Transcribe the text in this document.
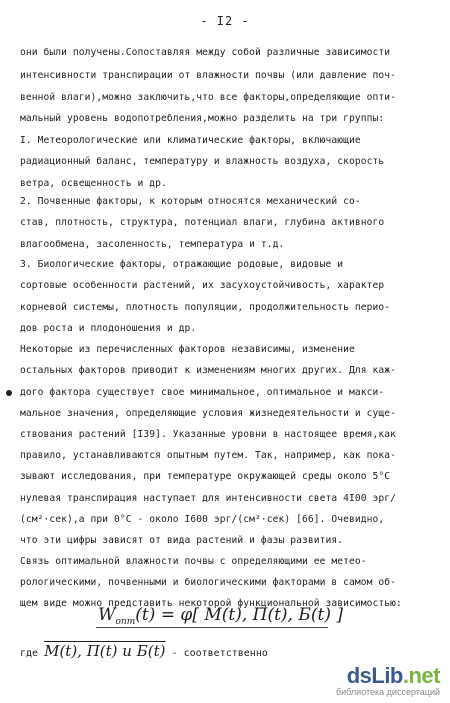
- I2 -
они были получены.Сопоставляя между собой различные зависимости
интенсивности транспирации от влажности почвы (или давление поч-
венной влаги),можно заключить,что все факторы,определяющие опти-
мальный уровень водопотребления,можно разделить на три группы:
I. Метеорологические или климатические факторы, включающие
радиационный баланс, температуру и влажность воздуха, скорость
ветра, освещенность и др.
2. Почвенные факторы, к которым относятся механический со-
став, плотность, структура, потенциал влаги, глубина активного
влагообмена, засоленность, температура и т.д.
3. Биологические факторы, отражающие родовые, видовые и
сортовые особенности растений, их засухоустойчивость, характер
корневой системы, плотность популяции, продолжительность перио-
дов роста и плодоношения и др.
Некоторые из перечисленных факторов независимы, изменение
остальных факторов приводит к изменениям многих других. Для каж-
дого фактора существует свое минимальное, оптимальное и макси-
мальное значения, определяющие условия жизнедеятельности и суще-
ствования растений [I39]. Указанные уровни в настоящее время,как
правило, устанавливаются опытным путем. Так, например, как пока-
зывают исследования, при температуре окружающей среды около 5°С
нулевая транспирация наступает для интенсивности света 4I00 эрг/
(см²·сек),а при 0°С - около I600 эрг/(см²·сек) [66]. Очевидно,
что эти цифры зависят от вида растений и фазы развития.
Связь оптимальной влажности почвы с определяющими ее метео-
рологическими, почвенными и биологическими факторами в самом об-
щем виде можно представить некоторой функциональной зависимостью:
$W_{опт}(t) = \varphi$[ M(t), П(t), Б(t) ]
где M(t), П(t) и Б(t) - соответственно
dsLib.net
библиотека диссертаций
